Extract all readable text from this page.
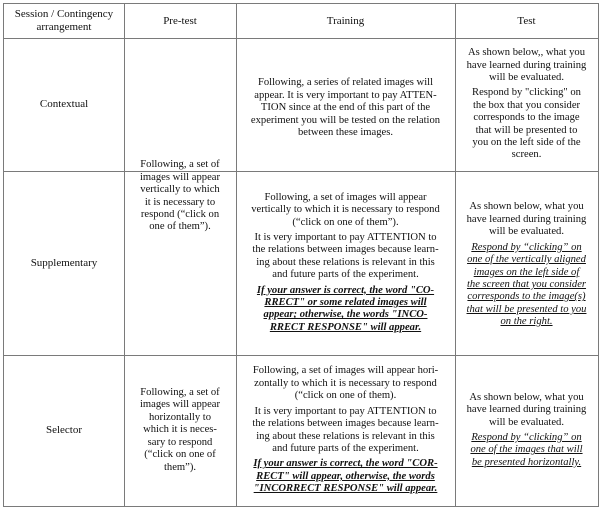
Session / Contingency

arrangement

Pre-test	Training	Test

Contextual

Following, a series of related images will

appear. It is very important to pay ATTEN-

TION since at the end of this part of the

experiment you will be tested on the relation

between these images.

As shown below,, what you

have learned during training

will be evaluated.

Respond by "clicking" on

the box that you consider

corresponds to the image

that will be presented to

you on the left side of the

screen.

Following, a set of

images will appear

vertically to which

it is necessary to

respond (“click on

one of them”).

Supplementary

Following, a set of images will appear

vertically to which it is necessary to respond

(“click on one of them”).

It is very important to pay ATTENTION to

the relations between images because learn-

ing about these relations is relevant in this

and future parts of the experiment.

If your answer is correct, the word "CO-

RRECT" or some related images will

appear; otherwise, the words "INCO-

RRECT RESPONSE" will appear.

As shown below, what you

have learned during training

will be evaluated.

Respond by “clicking” on

one of the vertically aligned

images on the left side of

the screen that you consider

corresponds to the image(s)

that will be presented to you

on the right.

Selector

Following, a set of

images will appear

horizontally to

which it is neces-

sary to respond

(“click on one of

them”).

Following, a set of images will appear hori-

zontally to which it is necessary to respond

(“click on one of them).

It is very important to pay ATTENTION to

the relations between images because learn-

ing about these relations is relevant in this

and future parts of the experiment.

If your answer is correct, the word "COR-

RECT" will appear, otherwise, the words

"INCORRECT RESPONSE" will appear.

As shown below, what you

have learned during training

will be evaluated.

Respond by “clicking” on

one of the images that will

be presented horizontally.
